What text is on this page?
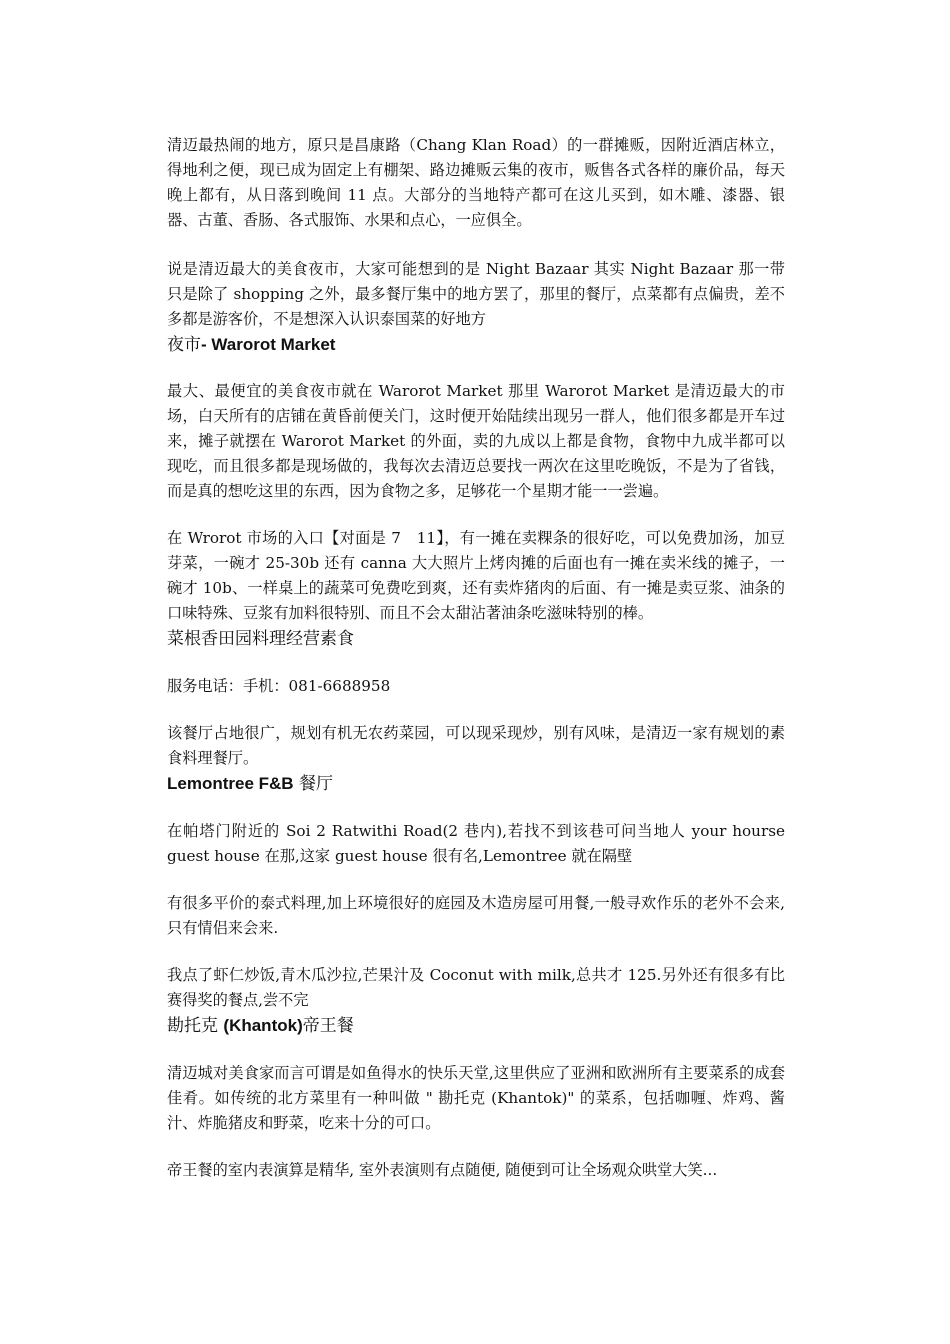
清迈最热闹的地方，原只是昌康路（Chang Klan Road）的一群摊贩，因附近酒店林立，得地利之便，现已成为固定上有棚架、路边摊贩云集的夜市，贩售各式各样的廉价品，每天晚上都有，从日落到晚间 11 点。大部分的当地特产都可在这儿买到，如木雕、漆器、银器、古董、香肠、各式服饰、水果和点心，一应俱全。

说是清迈最大的美食夜市，大家可能想到的是 Night Bazaar 其实 Night Bazaar 那一带只是除了 shopping 之外，最多餐厅集中的地方罢了，那里的餐厅，点菜都有点偏贵，差不多都是游客价，不是想深入认识泰国菜的好地方

夜市- Warorot Market

最大、最便宜的美食夜市就在 Warorot Market 那里 Warorot Market 是清迈最大的市场，白天所有的店铺在黄昏前便关门，这时便开始陆续出现另一群人，他们很多都是开车过来，摊子就摆在 Warorot Market 的外面，卖的九成以上都是食物，食物中九成半都可以现吃，而且很多都是现场做的，我每次去清迈总要找一两次在这里吃晚饭，不是为了省钱，而是真的想吃这里的东西，因为食物之多，足够花一个星期才能一一尝遍。

在 Wrorot 市场的入口【对面是 7　11】，有一摊在卖粿条的很好吃，可以免费加汤，加豆芽菜，一碗才 25-30b 还有 canna 大大照片上烤肉摊的后面也有一摊在卖米线的摊子，一碗才 10b、一样桌上的蔬菜可免费吃到爽，还有卖炸猪肉的后面、有一摊是卖豆浆、油条的口味特殊、豆浆有加料很特别、而且不会太甜沾著油条吃滋味特别的棒。

菜根香田园料理经营素食

服务电话：手机：081-6688958

该餐厅占地很广，规划有机无农药菜园，可以现采现炒，别有风味，是清迈一家有规划的素食料理餐厅。

Lemontree F&B 餐厅

在帕塔门附近的 Soi 2 Ratwithi Road(2 巷内),若找不到该巷可问当地人 your hourse guest house 在那,这家 guest house 很有名,Lemontree 就在隔壁

有很多平价的泰式料理,加上环境很好的庭园及木造房屋可用餐,一般寻欢作乐的老外不会来,只有情侣来会来.

我点了虾仁炒饭,青木瓜沙拉,芒果汁及 Coconut with milk,总共才 125.另外还有很多有比赛得奖的餐点,尝不完

勘托克 (Khantok)帝王餐

清迈城对美食家而言可谓是如鱼得水的快乐天堂,这里供应了亚洲和欧洲所有主要菜系的成套佳肴。如传统的北方菜里有一种叫做 " 勘托克 (Khantok)" 的菜系，包括咖喱、炸鸡、酱汁、炸脆猪皮和野菜，吃来十分的可口。

帝王餐的室内表演算是精华, 室外表演则有点随便, 随便到可让全场观众哄堂大笑...
